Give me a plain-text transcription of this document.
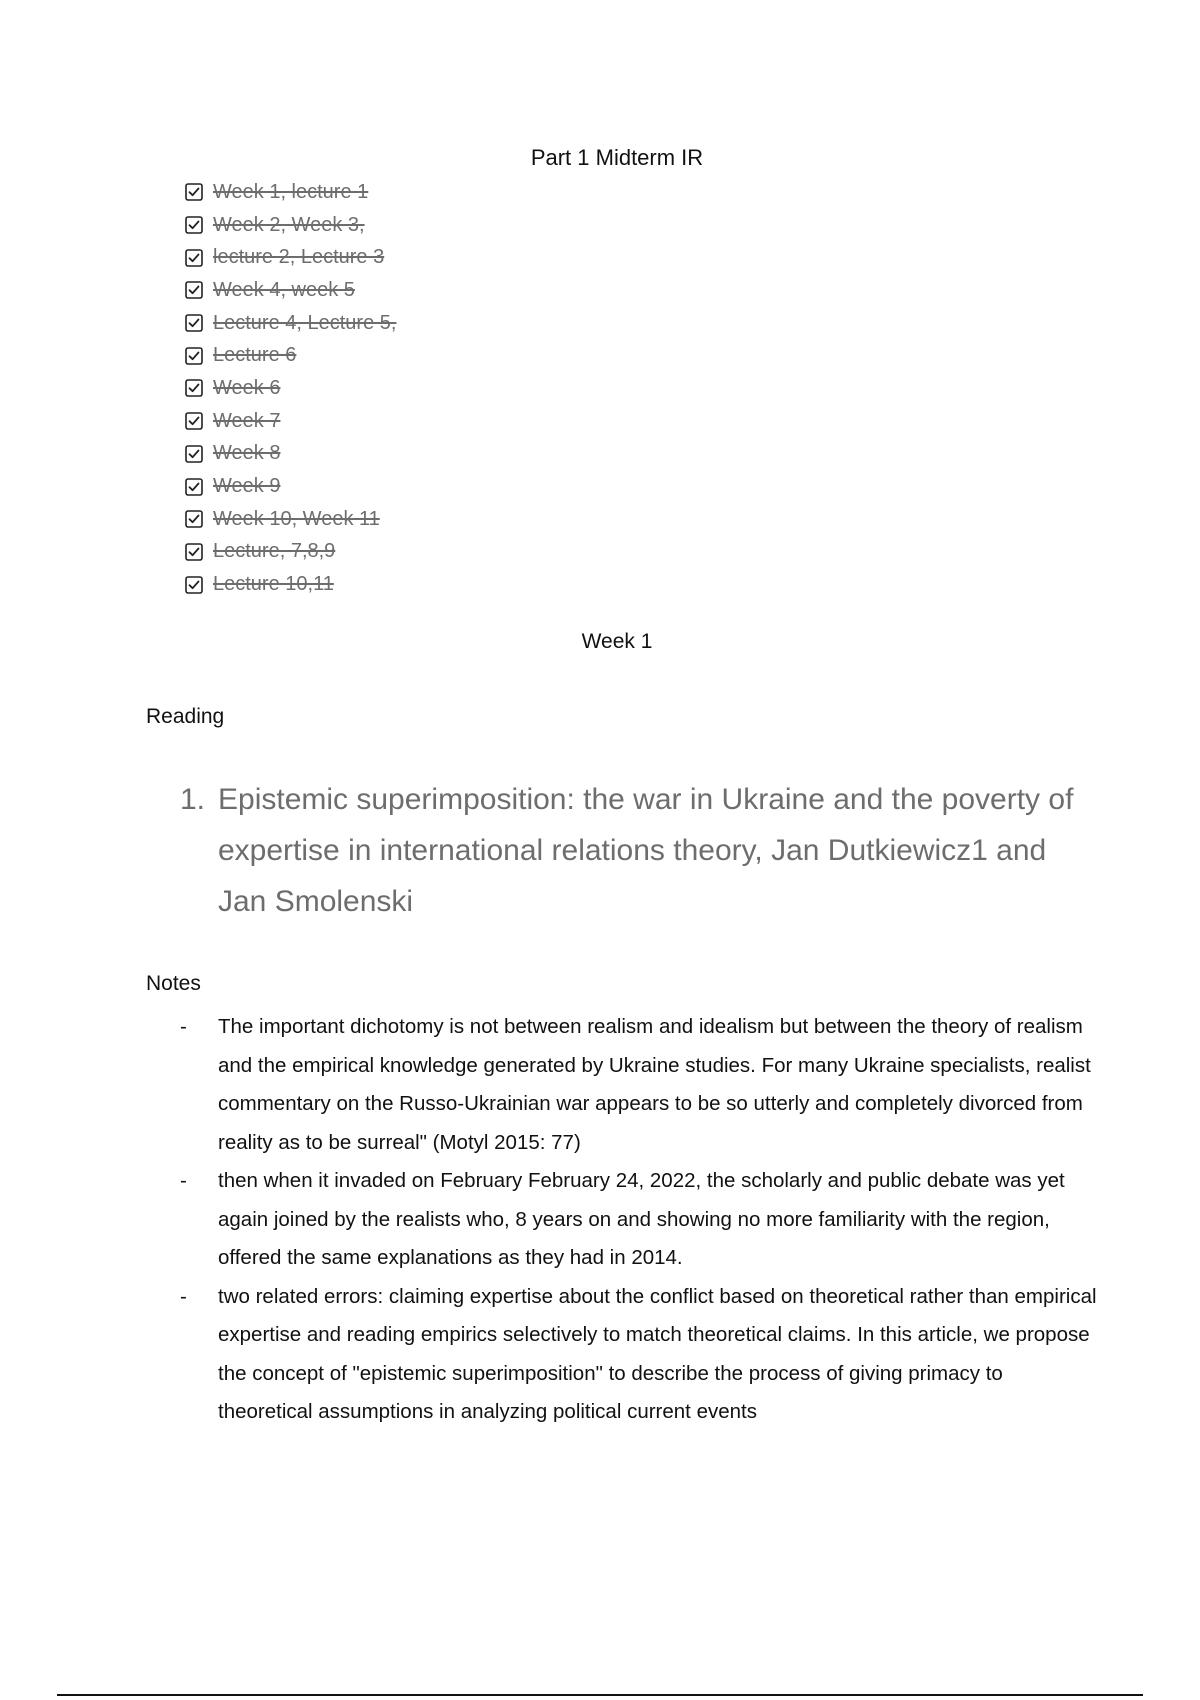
Part 1 Midterm IR
Week 1, lecture 1
Week 2, Week 3,
lecture 2, Lecture 3
Week 4, week 5
Lecture 4, Lecture 5,
Lecture 6
Week 6
Week 7
Week 8
Week 9
Week 10, Week 11
Lecture, 7,8,9
Lecture 10,11
Week 1
Reading
1. Epistemic superimposition: the war in Ukraine and the poverty of expertise in international relations theory, Jan Dutkiewicz1 and Jan Smolenski
Notes
-	The important dichotomy is not between realism and idealism but between the theory of realism and the empirical knowledge generated by Ukraine studies. For many Ukraine specialists, realist commentary on the Russo-Ukrainian war appears to be so utterly and completely divorced from reality as to be surreal" (Motyl 2015: 77)
-	then when it invaded on February February 24, 2022, the scholarly and public debate was yet again joined by the realists who, 8 years on and showing no more familiarity with the region, offered the same explanations as they had in 2014.
-	two related errors: claiming expertise about the conflict based on theoretical rather than empirical expertise and reading empirics selectively to match theoretical claims. In this article, we propose the concept of "epistemic superimposition" to describe the process of giving primacy to theoretical assumptions in analyzing political current events
